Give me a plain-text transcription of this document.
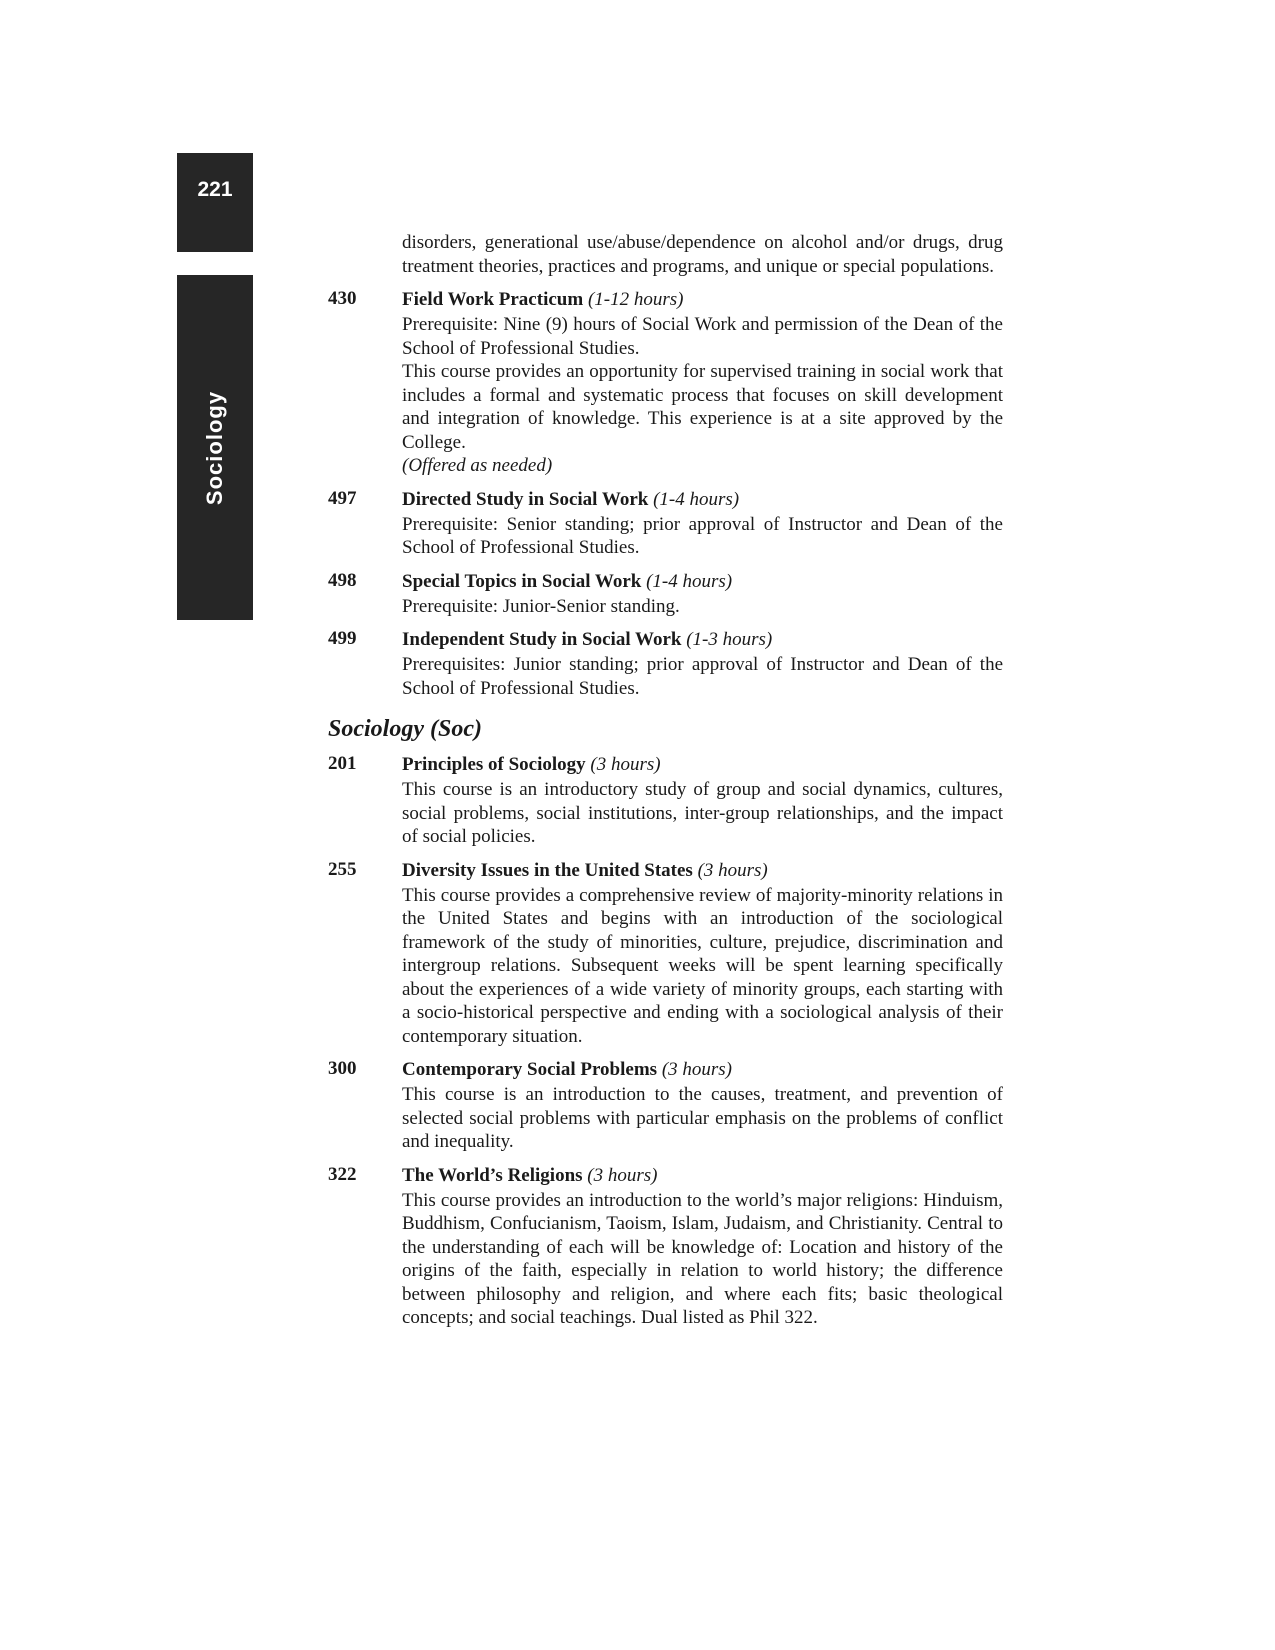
221
Sociology

disorders, generational use/abuse/dependence on alcohol and/or drugs, drug treatment theories, practices and programs, and unique or special populations.

430	Field Work Practicum (1-12 hours)

Prerequisite: Nine (9) hours of Social Work and permission of the Dean of the School of Professional Studies.

This course provides an opportunity for supervised training in social work that includes a formal and systematic process that focuses on skill development and integration of knowledge. This experience is at a site approved by the College.

(Offered as needed)

497	Directed Study in Social Work (1-4 hours)

Prerequisite: Senior standing; prior approval of Instructor and Dean of the School of Professional Studies.

498	Special Topics in Social Work (1-4 hours)

Prerequisite: Junior-Senior standing.

499	Independent Study in Social Work (1-3 hours)

Prerequisites: Junior standing; prior approval of Instructor and Dean of the School of Professional Studies.

Sociology (Soc)
201	Principles of Sociology (3 hours)

This course is an introductory study of group and social dynamics, cultures, social problems, social institutions, inter-group relationships, and the impact of social policies.

255	Diversity Issues in the United States (3 hours)

This course provides a comprehensive review of majority-minority relations in the United States and begins with an introduction of the sociological framework of the study of minorities, culture, prejudice, discrimination and intergroup relations. Subsequent weeks will be spent learning specifically about the experiences of a wide variety of minority groups, each starting with a socio-historical perspective and ending with a sociological analysis of their contemporary situation.

300	Contemporary Social Problems (3 hours)

This course is an introduction to the causes, treatment, and prevention of selected social problems with particular emphasis on the problems of conflict and inequality.

322	The World’s Religions (3 hours)

This course provides an introduction to the world’s major religions: Hinduism, Buddhism, Confucianism, Taoism, Islam, Judaism, and Christianity. Central to the understanding of each will be knowledge of: Location and history of the origins of the faith, especially in relation to world history; the difference between philosophy and religion, and where each fits; basic theological concepts; and social teachings. Dual listed as Phil 322.
